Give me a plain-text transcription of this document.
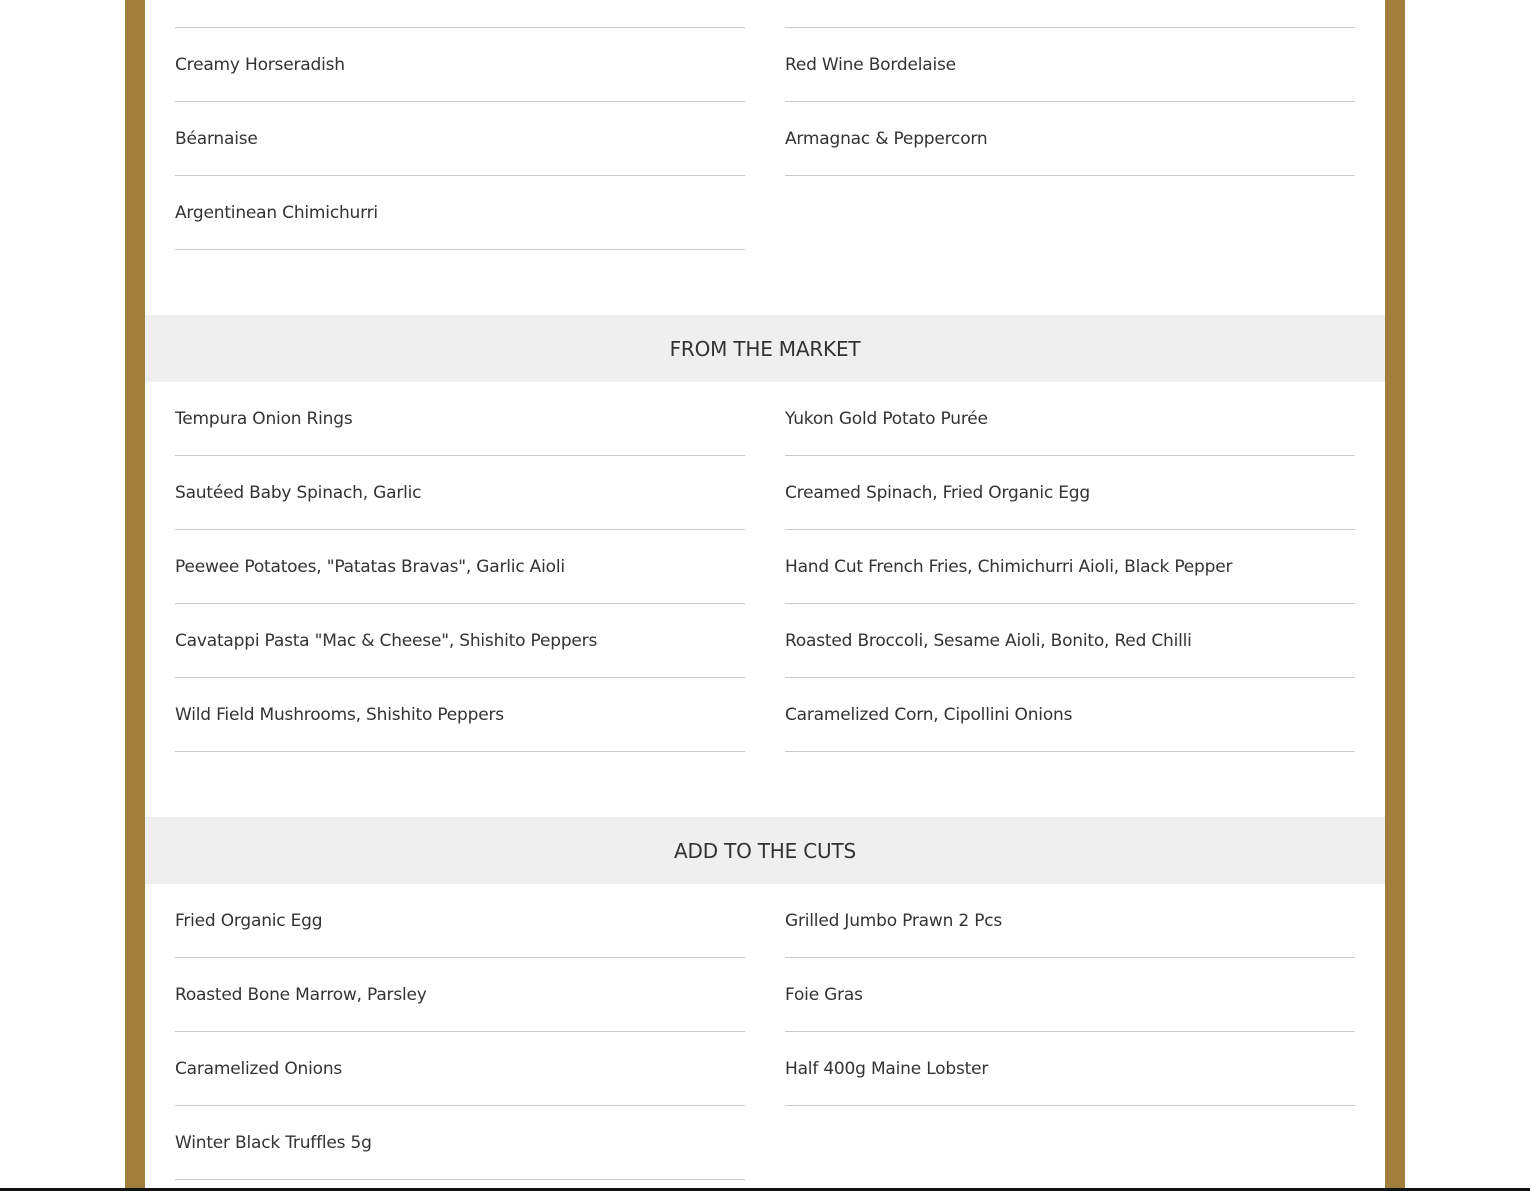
Creamy Horseradish	Red Wine Bordelaise
Béarnaise	Armagnac & Peppercorn
Argentinean Chimichurri
FROM THE MARKET
Tempura Onion Rings	Yukon Gold Potato Purée
Sautéed Baby Spinach, Garlic	Creamed Spinach, Fried Organic Egg
Peewee Potatoes, "Patatas Bravas", Garlic Aioli	Hand Cut French Fries, Chimichurri Aioli, Black Pepper
Cavatappi Pasta "Mac & Cheese", Shishito Peppers	Roasted Broccoli, Sesame Aioli, Bonito, Red Chilli
Wild Field Mushrooms, Shishito Peppers	Caramelized Corn, Cipollini Onions
ADD TO THE CUTS
Fried Organic Egg	Grilled Jumbo Prawn 2 Pcs
Roasted Bone Marrow, Parsley	Foie Gras
Caramelized Onions	Half 400g Maine Lobster
Winter Black Truffles 5g
